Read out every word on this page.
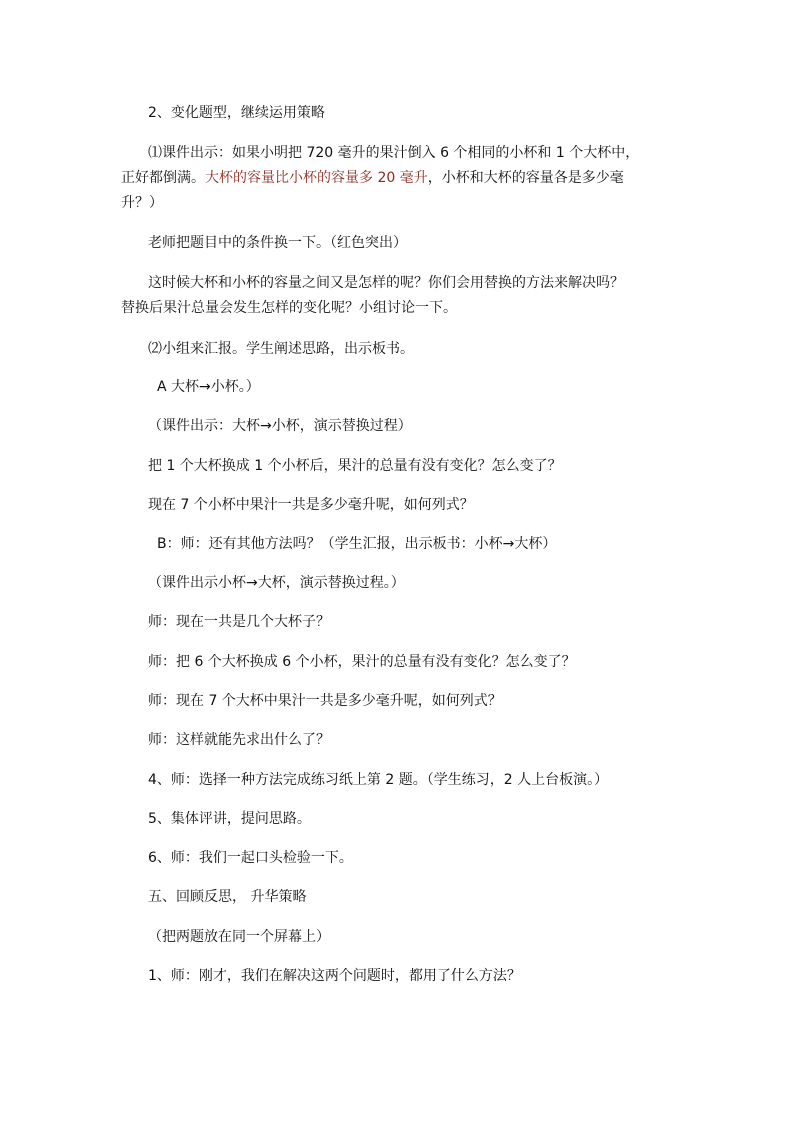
2、变化题型，继续运用策略
⑴课件出示：如果小明把 720 毫升的果汁倒入 6 个相同的小杯和 1 个大杯中，
正好都倒满。大杯的容量比小杯的容量多 20 毫升，小杯和大杯的容量各是多少毫
升？）
老师把题目中的条件换一下。（红色突出）
这时候大杯和小杯的容量之间又是怎样的呢？你们会用替换的方法来解决吗？
替换后果汁总量会发生怎样的变化呢？小组讨论一下。
⑵小组来汇报。学生阐述思路，出示板书。
A 大杯→小杯。）
（课件出示：大杯→小杯，演示替换过程）
把 1 个大杯换成 1 个小杯后，果汁的总量有没有变化？怎么变了？
现在 7 个小杯中果汁一共是多少毫升呢，如何列式？
B：师：还有其他方法吗？（学生汇报，出示板书：小杯→大杯）
（课件出示小杯→大杯，演示替换过程。）
师：现在一共是几个大杯子？
师：把 6 个大杯换成 6 个小杯，果汁的总量有没有变化？怎么变了？
师：现在 7 个大杯中果汁一共是多少毫升呢，如何列式？
师：这样就能先求出什么了？
4、师：选择一种方法完成练习纸上第 2 题。（学生练习，2 人上台板演。）
5、集体评讲，提问思路。
6、师：我们一起口头检验一下。
五、回顾反思， 升华策略
（把两题放在同一个屏幕上）
1、师：刚才，我们在解决这两个问题时，都用了什么方法？
